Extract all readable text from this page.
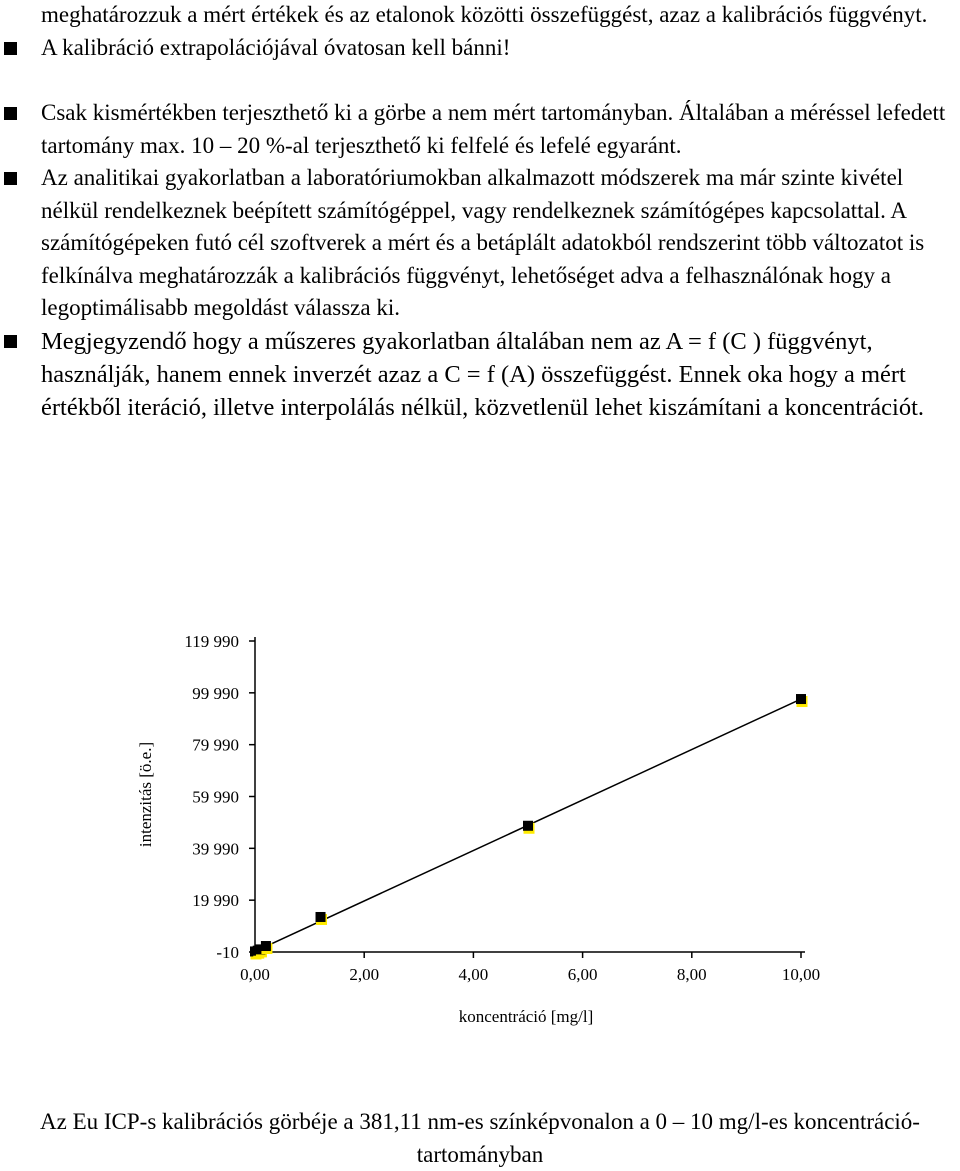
meghatározzuk a mért értékek és az etalonok közötti összefüggést, azaz a kalibrációs függvényt.

A kalibráció extrapolációjával óvatosan kell bánni!

Csak kismértékben terjeszthető ki a görbe a nem mért tartományban. Általában a méréssel lefedett tartomány max. 10 – 20 %-al terjeszthető ki felfelé és lefelé egyaránt.

Az analitikai gyakorlatban a laboratóriumokban alkalmazott módszerek ma már szinte kivétel nélkül rendelkeznek beépített számítógéppel, vagy rendelkeznek számítógépes kapcsolattal. A számítógépeken futó cél szoftverek a mért és a betáplált adatokból rendszerint több változatot is felkínálva meghatározzák a kalibrációs függvényt, lehetőséget adva a felhasználónak hogy a legoptimálisabb megoldást válassza ki.

Megjegyzendő hogy a műszeres gyakorlatban általában nem az A = f (C ) függvényt, használják, hanem ennek inverzét azaz a C = f (A) összefüggést. Ennek oka hogy a mért értékből iteráció, illetve interpolálás nélkül, közvetlenül lehet kiszámítani a koncentrációt.

-10
19 990
39 990
59 990
79 990
99 990
119 990
0,00	2,00	4,00	6,00	8,00	10,00
koncentráció [mg/l]
intenzitás [ö.e.]
Az Eu ICP-s kalibrációs görbéje a 381,11 nm-es színképvonalon a 0 – 10 mg/l-es koncentráció-tartományban
